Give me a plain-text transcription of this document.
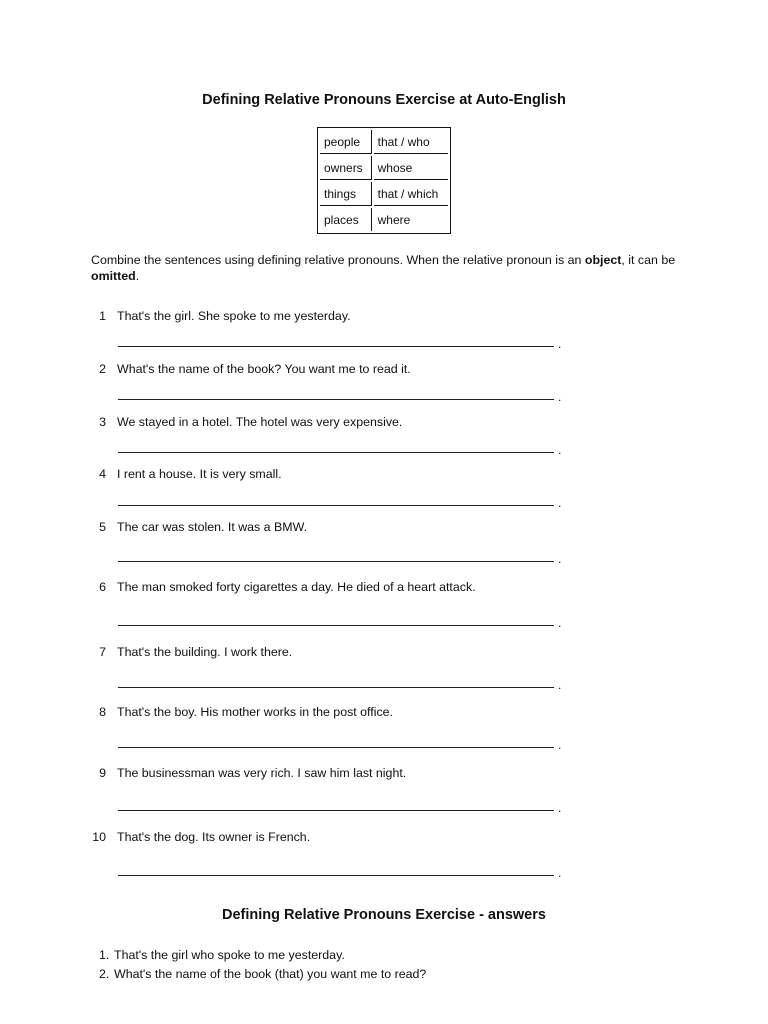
Defining Relative Pronouns Exercise at Auto-English
people	that / who
owners	whose
things	that / which
places	where

Combine the sentences using defining relative pronouns. When the relative pronoun is an object, it can be omitted.

1 That's the girl. She spoke to me yesterday.
.
2 What's the name of the book? You want me to read it.
.
3 We stayed in a hotel. The hotel was very expensive.
.
4 I rent a house. It is very small.
.
5 The car was stolen. It was a BMW.
.
6 The man smoked forty cigarettes a day. He died of a heart attack.
.
7 That's the building. I work there.
.
8 That's the boy. His mother works in the post office.
.
9 The businessman was very rich. I saw him last night.
.
10 That's the dog. Its owner is French.
.
Defining Relative Pronouns Exercise - answers
1. That's the girl who spoke to me yesterday.
2. What's the name of the book (that) you want me to read?
